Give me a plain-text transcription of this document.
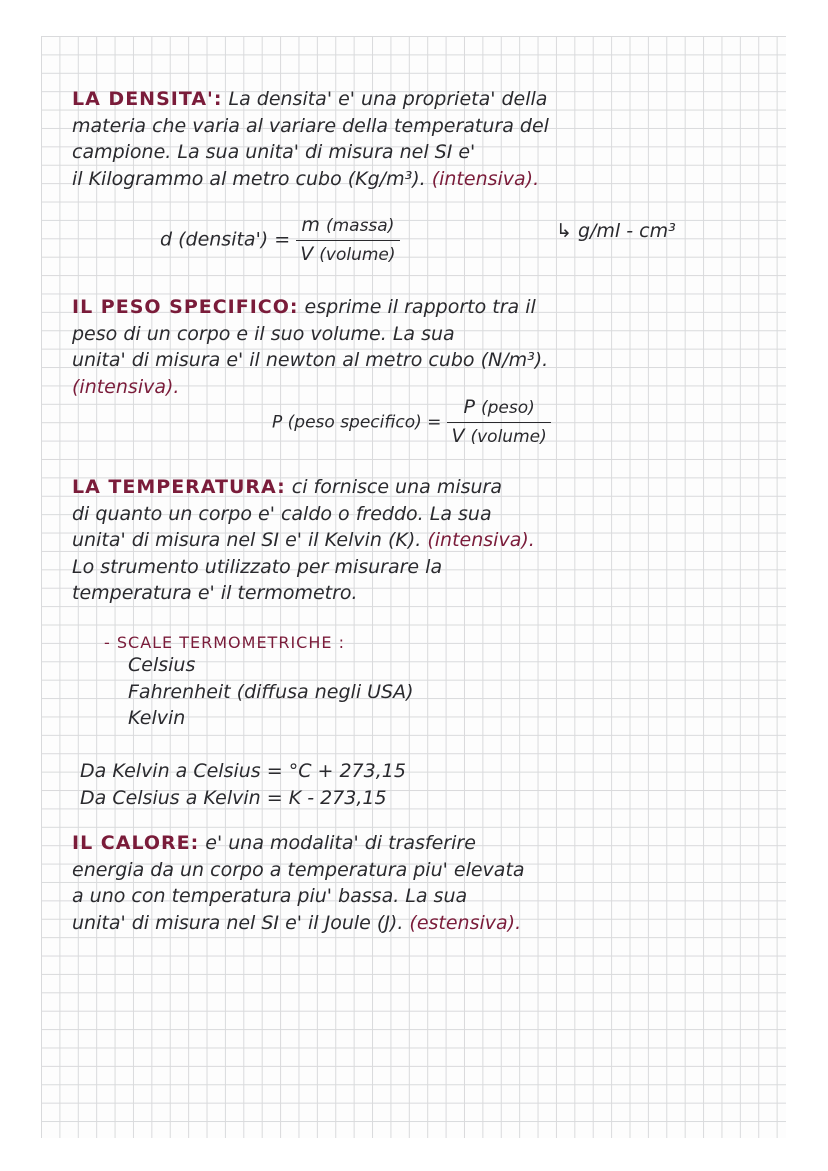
LA DENSITA': La densita' e' una proprieta' della
materia che varia al variare della temperatura del
campione. La sua unita' di misura nel SI e'
il Kilogrammo al metro cubo (Kg/m³). (intensiva).
d (densita') = $\frac{\text{m (massa)}}{\text{V (volume)}}$	↳ g/ml - cm³
IL PESO SPECIFICO: esprime il rapporto tra il
peso di un corpo e il suo volume. La sua
unita' di misura e' il newton al metro cubo (N/m³).
(intensiva).
P (peso specifico) = $\frac{\text{P (peso)}}{\text{V (volume)}}$
LA TEMPERATURA: ci fornisce una misura
di quanto un corpo e' caldo o freddo. La sua
unita' di misura nel SI e' il Kelvin (K). (intensiva).
Lo strumento utilizzato per misurare la
temperatura e' il termometro.
- SCALE TERMOMETRICHE :
Celsius
Fahrenheit (diffusa negli USA)
Kelvin
Da Kelvin a Celsius = °C + 273,15
Da Celsius a Kelvin = K - 273,15
IL CALORE: e' una modalita' di trasferire
energia da un corpo a temperatura piu' elevata
a uno con temperatura piu' bassa. La sua
unita' di misura nel SI e' il Joule (J). (estensiva).
